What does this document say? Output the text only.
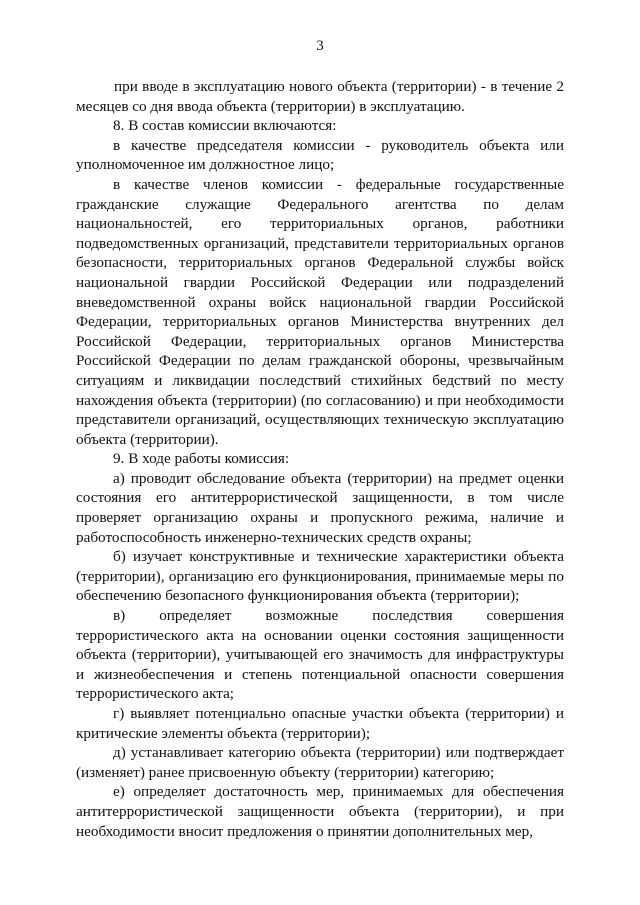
3

при вводе в эксплуатацию нового объекта (территории) - в течение 2 месяцев со дня ввода объекта (территории) в эксплуатацию.

8. В состав комиссии включаются:

в качестве председателя комиссии - руководитель объекта или уполномоченное им должностное лицо;

в качестве членов комиссии - федеральные государственные гражданские служащие Федерального агентства по делам национальностей, его территориальных органов, работники подведомственных организаций, представители территориальных органов безопасности, территориальных органов Федеральной службы войск национальной гвардии Российской Федерации или подразделений вневедомственной охраны войск национальной гвардии Российской Федерации, территориальных органов Министерства внутренних дел Российской Федерации, территориальных органов Министерства Российской Федерации по делам гражданской обороны, чрезвычайным ситуациям и ликвидации последствий стихийных бедствий по месту нахождения объекта (территории) (по согласованию) и при необходимости представители организаций, осуществляющих техническую эксплуатацию объекта (территории).

9. В ходе работы комиссия:

а) проводит обследование объекта (территории) на предмет оценки состояния его антитеррористической защищенности, в том числе проверяет организацию охраны и пропускного режима, наличие и работоспособность инженерно-технических средств охраны;

б) изучает конструктивные и технические характеристики объекта (территории), организацию его функционирования, принимаемые меры по обеспечению безопасного функционирования объекта (территории);

в) определяет возможные последствия совершения террористического акта на основании оценки состояния защищенности объекта (территории), учитывающей его значимость для инфраструктуры и жизнеобеспечения и степень потенциальной опасности совершения террористического акта;

г) выявляет потенциально опасные участки объекта (территории) и критические элементы объекта (территории);

д) устанавливает категорию объекта (территории) или подтверждает (изменяет) ранее присвоенную объекту (территории) категорию;

е) определяет достаточность мер, принимаемых для обеспечения антитеррористической защищенности объекта (территории), и при необходимости вносит предложения о принятии дополнительных мер,
